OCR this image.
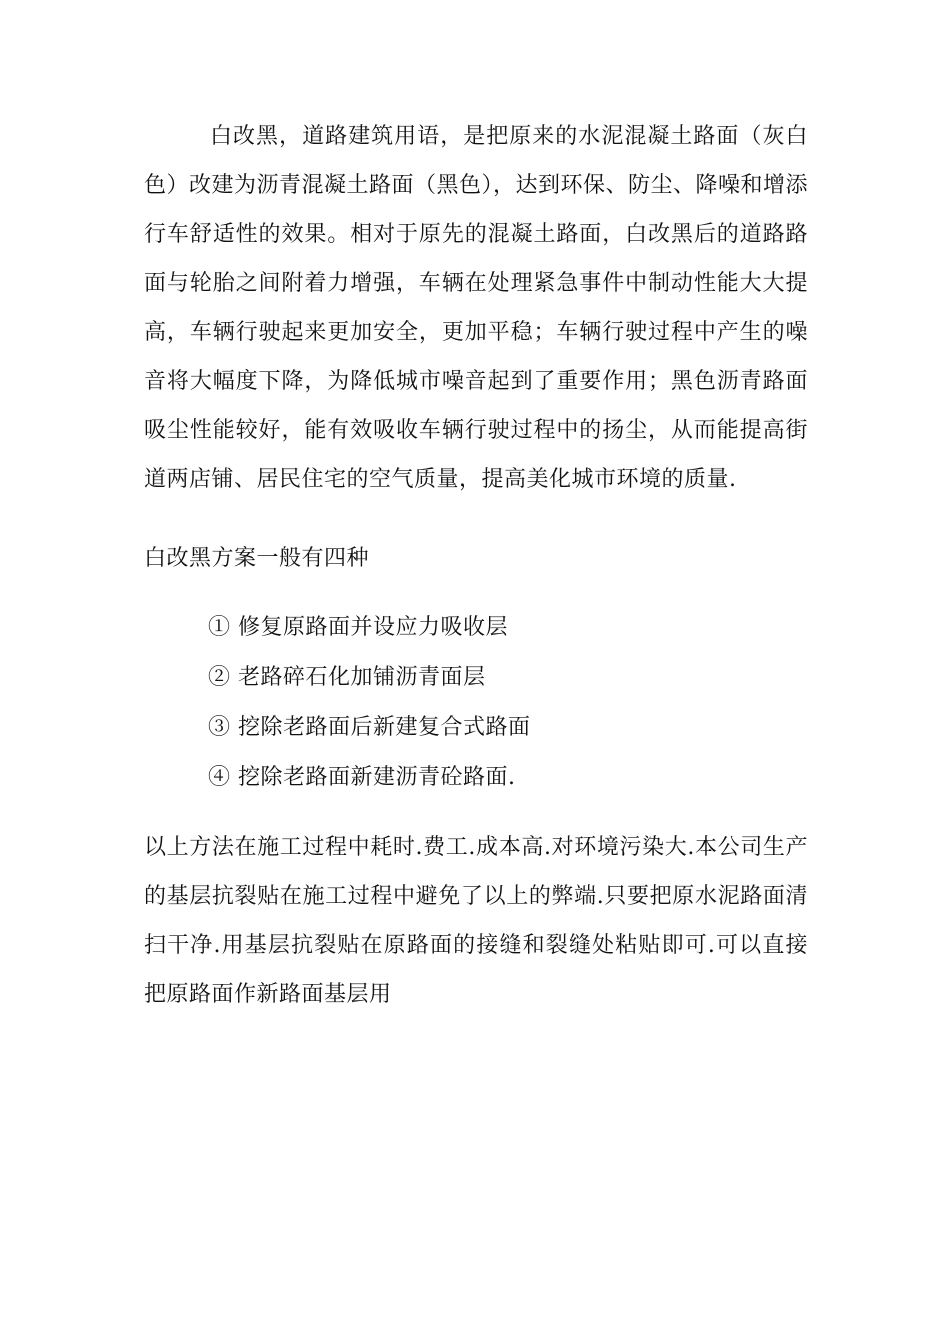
白改黑，道路建筑用语，是把原来的水泥混凝土路面（灰白色）改建为沥青混凝土路面（黑色），达到环保、防尘、降噪和增添行车舒适性的效果。相对于原先的混凝土路面，白改黑后的道路路面与轮胎之间附着力增强，车辆在处理紧急事件中制动性能大大提高，车辆行驶起来更加安全，更加平稳；车辆行驶过程中产生的噪音将大幅度下降，为降低城市噪音起到了重要作用；黑色沥青路面吸尘性能较好，能有效吸收车辆行驶过程中的扬尘，从而能提高街道两店铺、居民住宅的空气质量，提高美化城市环境的质量.

白改黑方案一般有四种

① 修复原路面并设应力吸收层
② 老路碎石化加铺沥青面层
③ 挖除老路面后新建复合式路面
④ 挖除老路面新建沥青砼路面.

以上方法在施工过程中耗时.费工.成本高.对环境污染大.本公司生产的基层抗裂贴在施工过程中避免了以上的弊端.只要把原水泥路面清扫干净.用基层抗裂贴在原路面的接缝和裂缝处粘贴即可.可以直接把原路面作新路面基层用
